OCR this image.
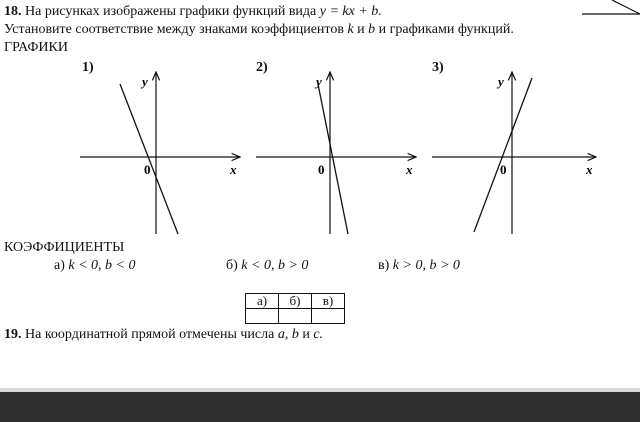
18. На рисунках изображены графики функций вида y = kx + b.
Установите соответствие между знаками коэффициентов k и b и графиками функций.
ГРАФИКИ
1)
y
x
0
2)
y
x
0
3)
y
x
0
КОЭФФИЦИЕНТЫ
а) k < 0, b < 0	б) k < 0, b > 0	в) k > 0, b > 0
а)	б)	в)

19. На координатной прямой отмечены числа a, b и c.
